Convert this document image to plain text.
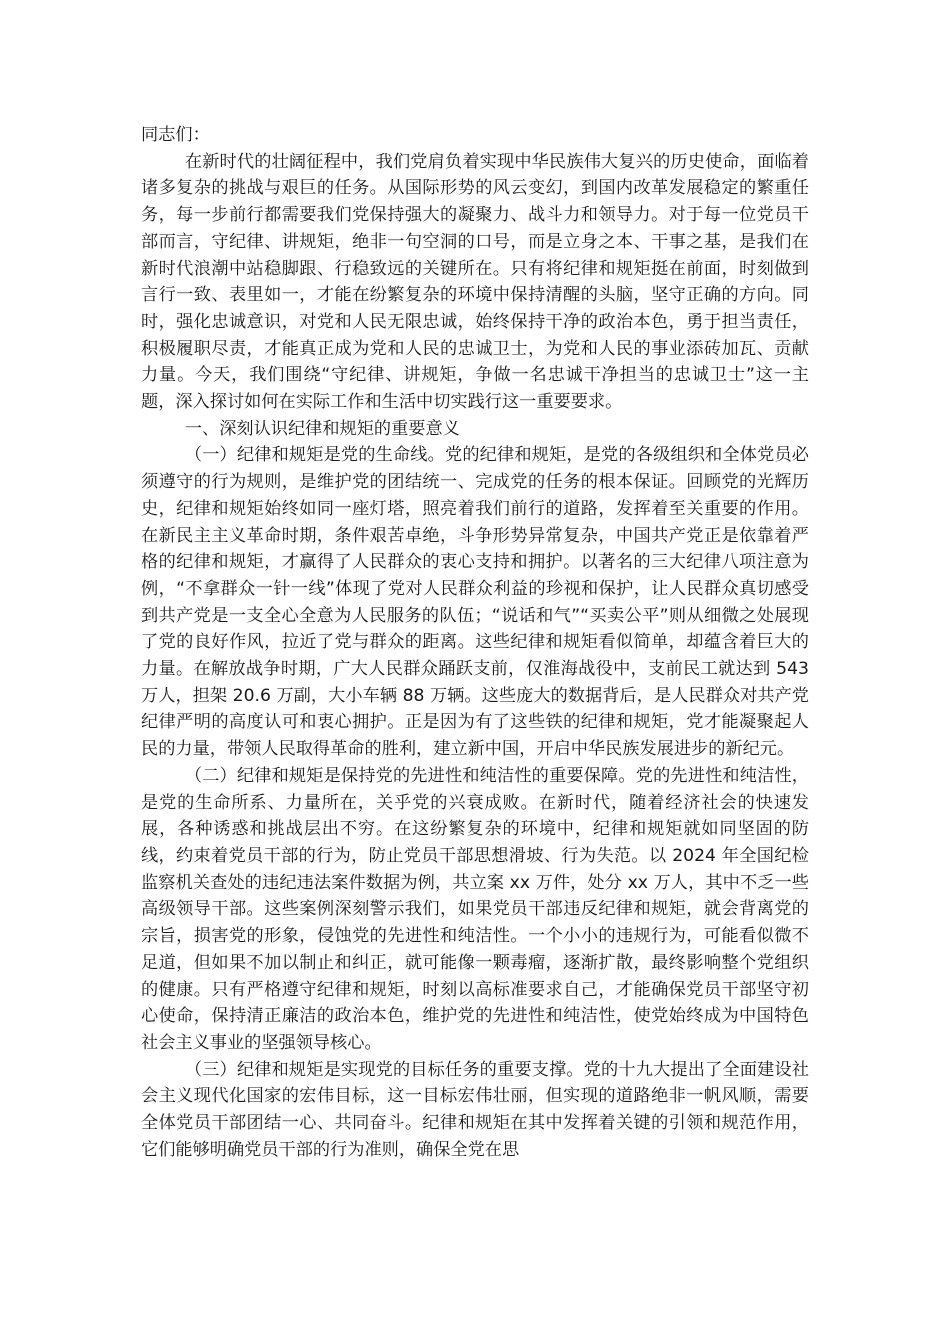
同志们：

在新时代的壮阔征程中，我们党肩负着实现中华民族伟大复兴的历史使命，面临着诸多复杂的挑战与艰巨的任务。从国际形势的风云变幻，到国内改革发展稳定的繁重任务，每一步前行都需要我们党保持强大的凝聚力、战斗力和领导力。对于每一位党员干部而言，守纪律、讲规矩，绝非一句空洞的口号，而是立身之本、干事之基，是我们在新时代浪潮中站稳脚跟、行稳致远的关键所在。只有将纪律和规矩挺在前面，时刻做到言行一致、表里如一，才能在纷繁复杂的环境中保持清醒的头脑，坚守正确的方向。同时，强化忠诚意识，对党和人民无限忠诚，始终保持干净的政治本色，勇于担当责任，积极履职尽责，才能真正成为党和人民的忠诚卫士，为党和人民的事业添砖加瓦、贡献力量。今天，我们围绕“守纪律、讲规矩，争做一名忠诚干净担当的忠诚卫士”这一主题，深入探讨如何在实际工作和生活中切实践行这一重要要求。

一、深刻认识纪律和规矩的重要意义

（一）纪律和规矩是党的生命线。党的纪律和规矩，是党的各级组织和全体党员必须遵守的行为规则，是维护党的团结统一、完成党的任务的根本保证。回顾党的光辉历史，纪律和规矩始终如同一座灯塔，照亮着我们前行的道路，发挥着至关重要的作用。在新民主主义革命时期，条件艰苦卓绝，斗争形势异常复杂，中国共产党正是依靠着严格的纪律和规矩，才赢得了人民群众的衷心支持和拥护。以著名的三大纪律八项注意为例，“不拿群众一针一线”体现了党对人民群众利益的珍视和保护，让人民群众真切感受到共产党是一支全心全意为人民服务的队伍；“说话和气”“买卖公平”则从细微之处展现了党的良好作风，拉近了党与群众的距离。这些纪律和规矩看似简单，却蕴含着巨大的力量。在解放战争时期，广大人民群众踊跃支前，仅淮海战役中，支前民工就达到 543 万人，担架 20.6 万副，大小车辆 88 万辆。这些庞大的数据背后，是人民群众对共产党纪律严明的高度认可和衷心拥护。正是因为有了这些铁的纪律和规矩，党才能凝聚起人民的力量，带领人民取得革命的胜利，建立新中国，开启中华民族发展进步的新纪元。

（二）纪律和规矩是保持党的先进性和纯洁性的重要保障。党的先进性和纯洁性，是党的生命所系、力量所在，关乎党的兴衰成败。在新时代，随着经济社会的快速发展，各种诱惑和挑战层出不穷。在这纷繁复杂的环境中，纪律和规矩就如同坚固的防线，约束着党员干部的行为，防止党员干部思想滑坡、行为失范。以 2024 年全国纪检监察机关查处的违纪违法案件数据为例，共立案 xx 万件，处分 xx 万人，其中不乏一些高级领导干部。这些案例深刻警示我们，如果党员干部违反纪律和规矩，就会背离党的宗旨，损害党的形象，侵蚀党的先进性和纯洁性。一个小小的违规行为，可能看似微不足道，但如果不加以制止和纠正，就可能像一颗毒瘤，逐渐扩散，最终影响整个党组织的健康。只有严格遵守纪律和规矩，时刻以高标准要求自己，才能确保党员干部坚守初心使命，保持清正廉洁的政治本色，维护党的先进性和纯洁性，使党始终成为中国特色社会主义事业的坚强领导核心。

（三）纪律和规矩是实现党的目标任务的重要支撑。党的十九大提出了全面建设社会主义现代化国家的宏伟目标，这一目标宏伟壮丽，但实现的道路绝非一帆风顺，需要全体党员干部团结一心、共同奋斗。纪律和规矩在其中发挥着关键的引领和规范作用，它们能够明确党员干部的行为准则，确保全党在思
